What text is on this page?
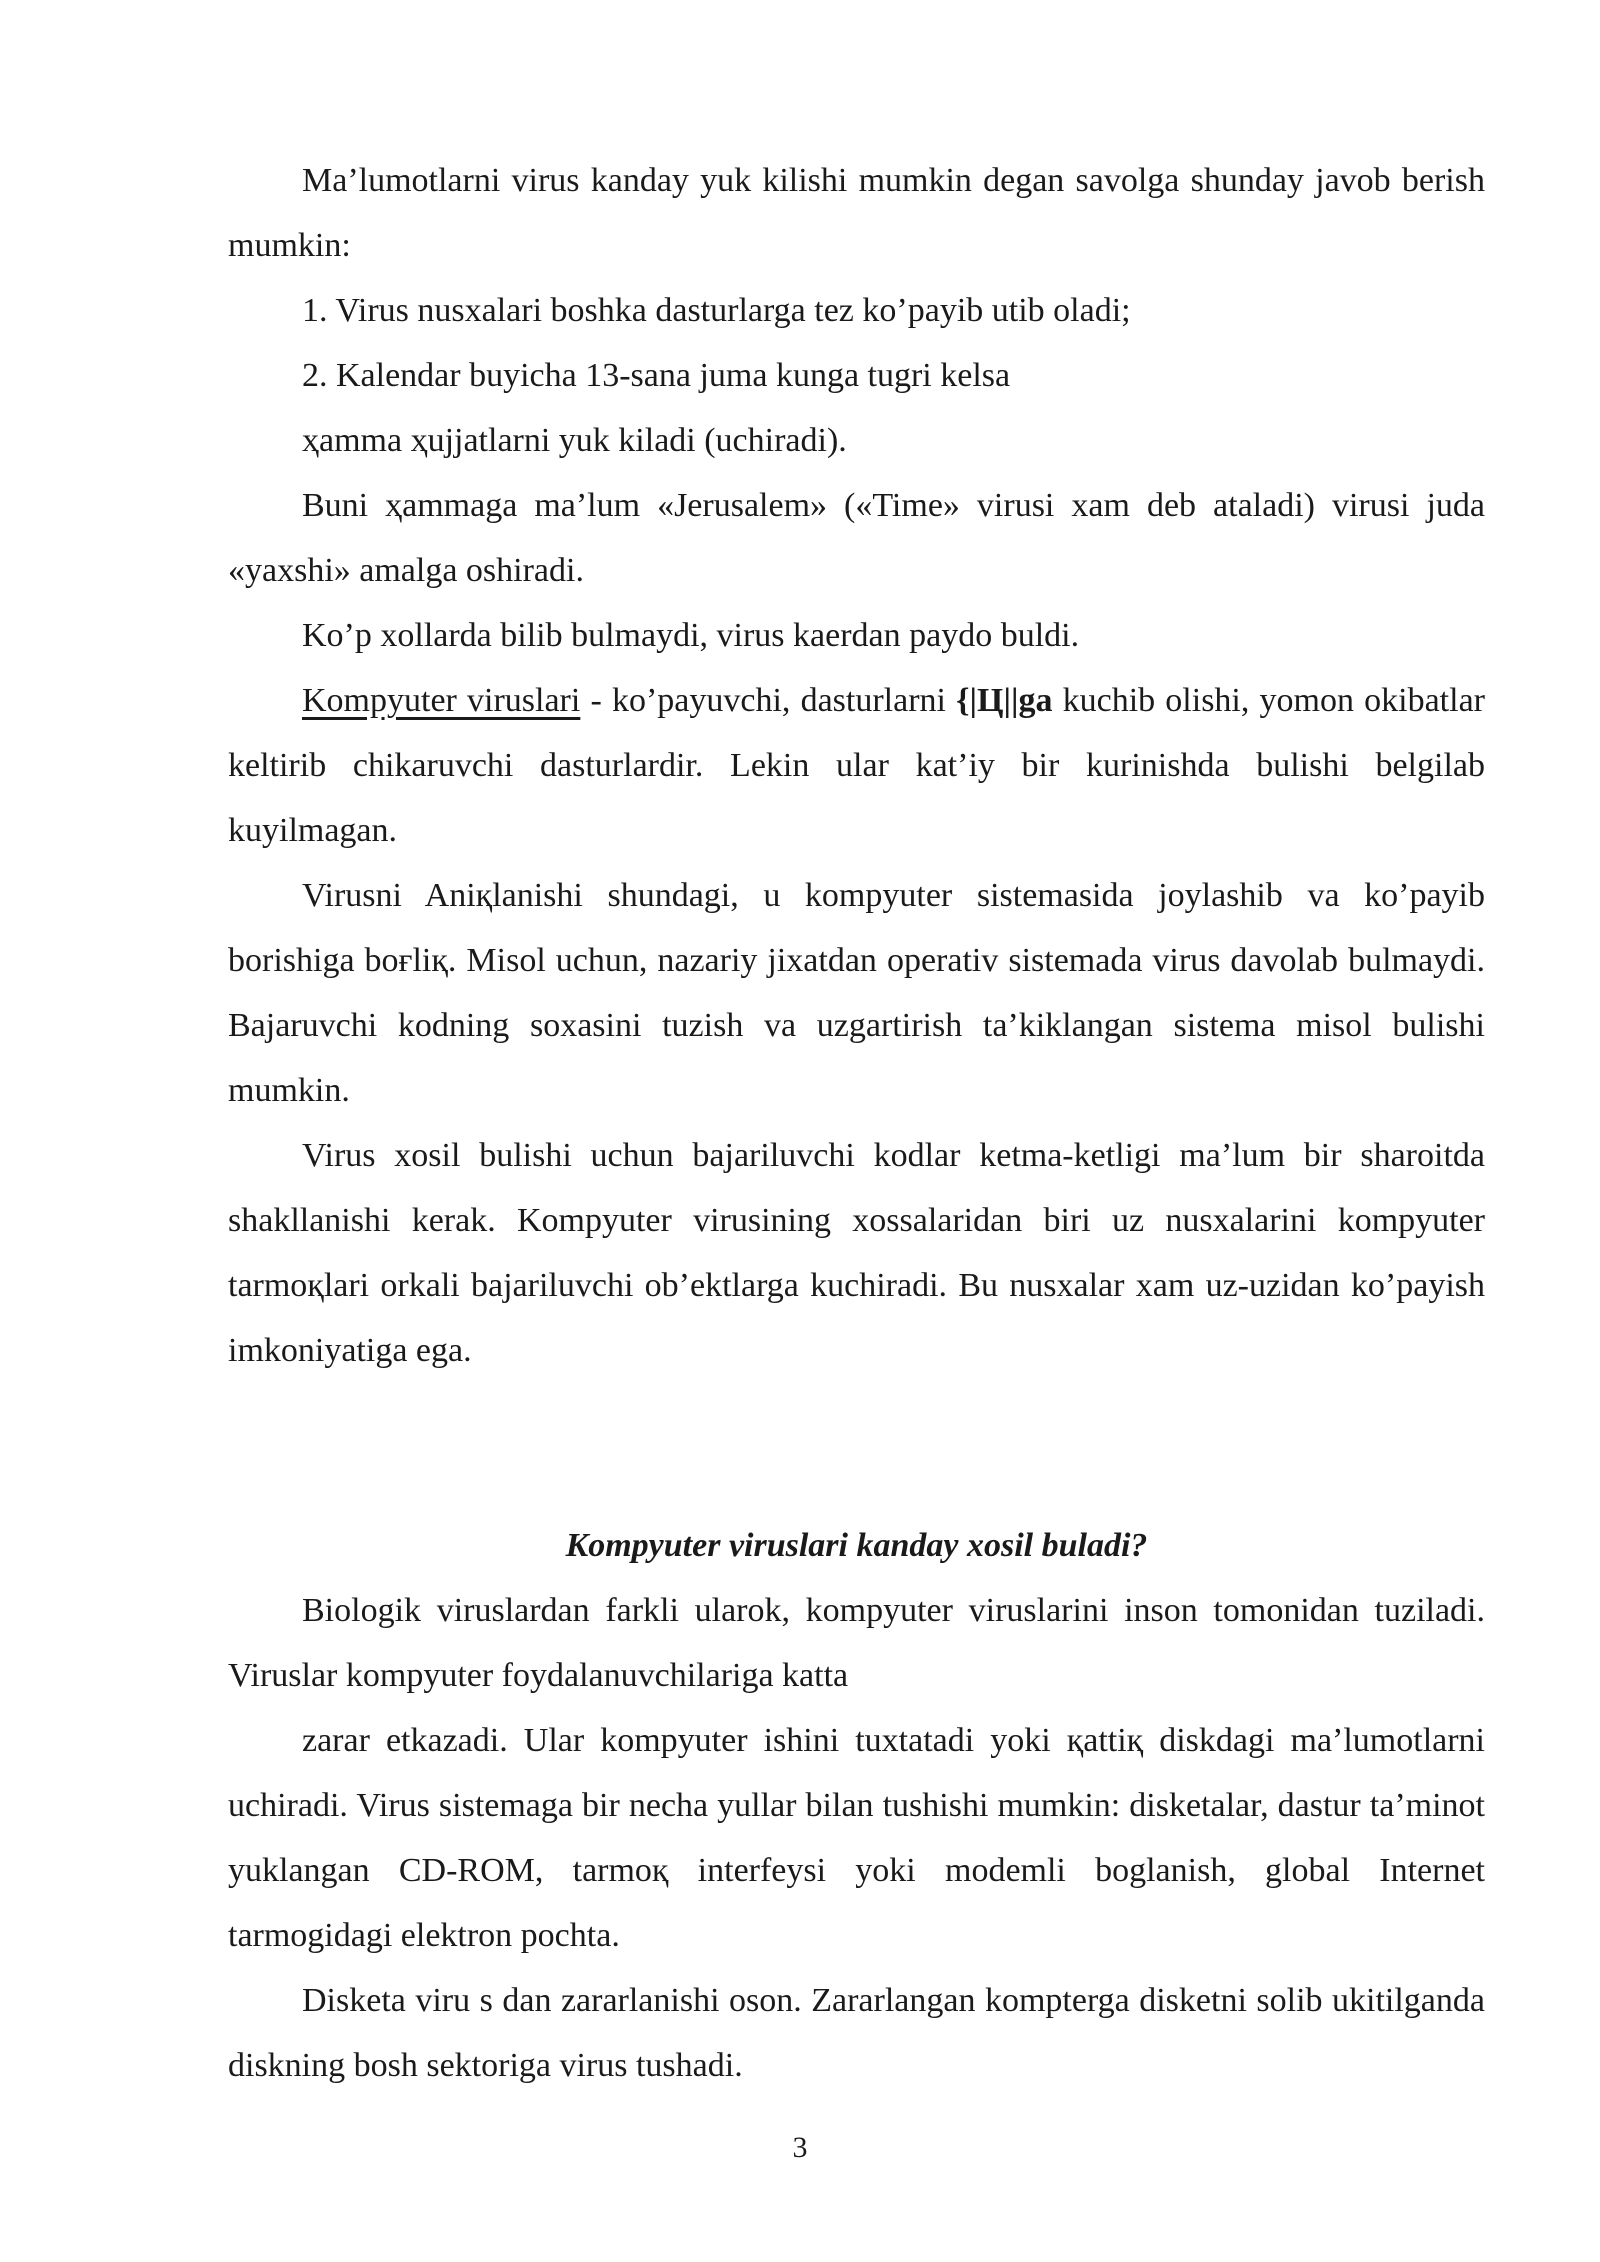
Ma’lumotlarni virus kanday yuk kilishi mumkin degan savolga shunday javob berish mumkin:

1. Virus nusxalari boshka dasturlarga tez ko’payib utib oladi;

2. Kalendar buyicha 13-sana juma kunga tugri kelsa

ҳamma ҳujjatlarni yuk kiladi (uchiradi).

Buni ҳammaga ma’lum «Jerusalem» («Time» virusi xam deb ataladi) virusi juda «yaxshi» amalga oshiradi.

Ko’p xollarda bilib bulmaydi, virus kaerdan paydo buldi.

Kompyuter viruslari - ko’payuvchi, dasturlarni {|Ц||ga kuchib olishi, yomon okibatlar keltirib chikaruvchi dasturlardir. Lekin ular kat’iy bir kurinishda bulishi belgilab kuyilmagan.

Virusni Aniқlanishi shundagi, u kompyuter sistemasida joylashib va ko’payib borishiga boғliқ. Misol uchun, nazariy jixatdan operativ sistemada virus davolab bulmaydi. Bajaruvchi kodning soxasini tuzish va uzgartirish ta’kiklangan sistema misol bulishi mumkin.

Virus xosil bulishi uchun bajariluvchi kodlar ketma-ketligi ma’lum bir sharoitda shakllanishi kerak. Kompyuter virusining xossalaridan biri uz nusxalarini kompyuter tarmoқlari orkali bajariluvchi ob’ektlarga kuchiradi. Bu nusxalar xam uz-uzidan ko’payish imkoniyatiga ega.

Kompyuter viruslari kanday xosil buladi?

Biologik viruslardan farkli ularok, kompyuter viruslarini inson tomonidan tuziladi. Viruslar kompyuter foydalanuvchilariga katta

zarar etkazadi. Ular kompyuter ishini tuxtatadi yoki қattiқ diskdagi ma’lumotlarni uchiradi. Virus sistemaga bir necha yullar bilan tushishi mumkin: disketalar, dastur ta’minot yuklangan CD-ROM, tarmoқ interfeysi yoki modemli boglanish, global Internet tarmogidagi elektron pochta.

Disketa viru s dan zararlanishi oson. Zararlangan kompterga disketni solib ukitilganda diskning bosh sektoriga virus tushadi.

3
